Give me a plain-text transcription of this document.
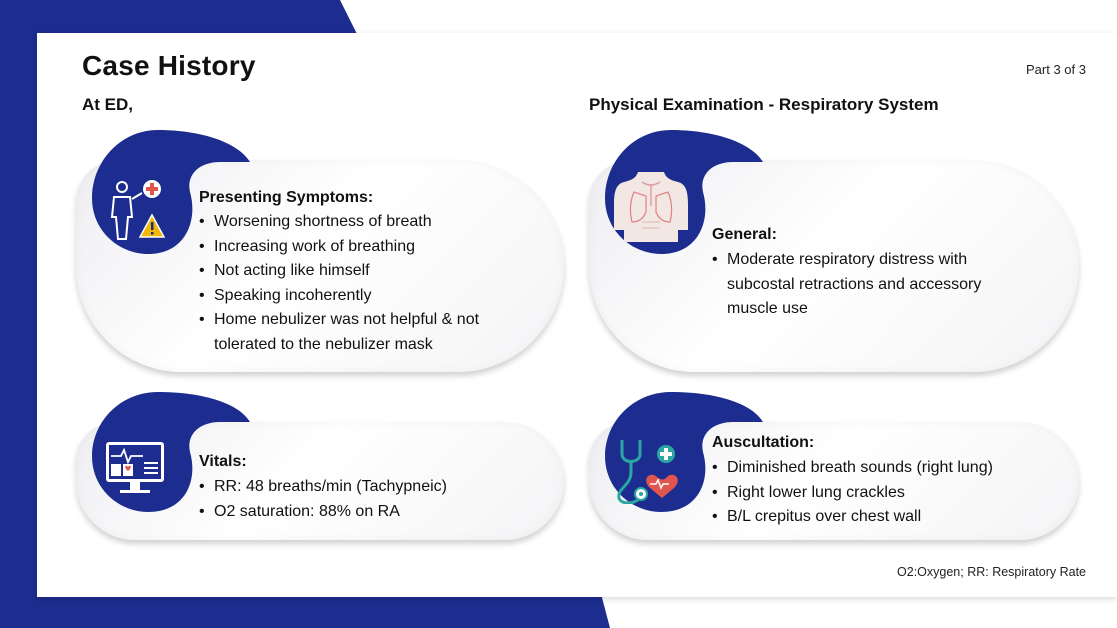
Case History	Part 3 of 3
At ED,	Physical Examination - Respiratory System
Presenting Symptoms:
• Worsening shortness of breath
• Increasing work of breathing
• Not acting like himself
• Speaking incoherently
• Home nebulizer was not helpful & not
tolerated to the nebulizer mask
General:
• Moderate respiratory distress with
subcostal retractions and accessory
muscle use
Vitals:
• RR: 48 breaths/min (Tachypneic)
• O2 saturation: 88% on RA
Auscultation:
• Diminished breath sounds (right lung)
• Right lower lung crackles
• B/L crepitus over chest wall
O2:Oxygen; RR: Respiratory Rate
